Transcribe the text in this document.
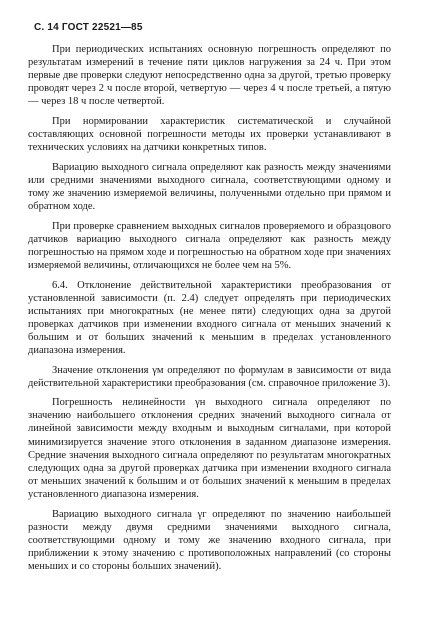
С. 14 ГОСТ 22521—85

При периодических испытаниях основную погрешность определяют по результатам измерений в течение пяти циклов нагружения за 24 ч. При этом первые две проверки следуют непосредственно одна за другой, третью проверку проводят через 2 ч после второй, четвертую — через 4 ч после третьей, а пятую — через 18 ч после четвертой.

При нормировании характеристик систематической и случайной составляющих основной погрешности методы их проверки устанавливают в технических условиях на датчики конкретных типов.

Вариацию выходного сигнала определяют как разность между значениями или средними значениями выходного сигнала, соответствующими одному и тому же значению измеряемой величины, полученными отдельно при прямом и обратном ходе.

При проверке сравнением выходных сигналов проверяемого и образцового датчиков вариацию выходного сигнала определяют как разность между погрешностью на прямом ходе и погрешностью на обратном ходе при значениях измеряемой величины, отличающихся не более чем на 5%.

6.4. Отклонение действительной характеристики преобразования от установленной зависимости (п. 2.4) следует определять при периодических испытаниях при многократных (не менее пяти) следующих одна за другой проверках датчиков при изменении входного сигнала от меньших значений к большим и от больших значений к меньшим в пределах установленного диапазона измерения.

Значение отклонения γм определяют по формулам в зависимости от вида действительной характеристики преобразования (см. справочное приложение 3).

Погрешность нелинейности γн выходного сигнала определяют по значению наибольшего отклонения средних значений выходного сигнала от линейной зависимости между входным и выходным сигналами, при которой минимизируется значение этого отклонения в заданном диапазоне измерения. Средние значения выходного сигнала определяют по результатам многократных следующих одна за другой проверках датчика при изменении входного сигнала от меньших значений к большим и от больших значений к меньшим в пределах установленного диапазона измерения.

Вариацию выходного сигнала γг определяют по значению наибольшей разности между двумя средними значениями выходного сигнала, соответствующими одному и тому же значению входного сигнала, при приближении к этому значению с противоположных направлений (со стороны меньших и со стороны больших значений).
